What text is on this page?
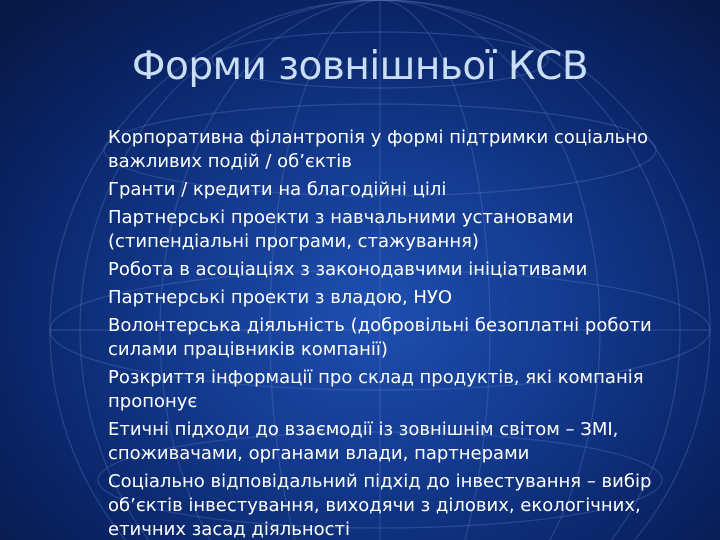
Форми зовнішньої КСВ
Корпоративна філантропія у формі підтримки соціально важливих подій / об’єктів
Гранти / кредити на благодійні цілі
Партнерські проекти з навчальними установами (стипендіальні програми, стажування)
Робота в асоціаціях з законодавчими ініціативами
Партнерські проекти з владою, НУО
Волонтерська діяльність (добровільні безоплатні роботи силами працівників компанії)
Розкриття інформації про склад продуктів, які компанія пропонує
Етичні підходи до взаємодії із зовнішнім світом – ЗМІ, споживачами, органами влади, партнерами
Соціально відповідальний підхід до інвестування – вибір об’єктів інвестування, виходячи з ділових, екологічних, етичних засад діяльності
